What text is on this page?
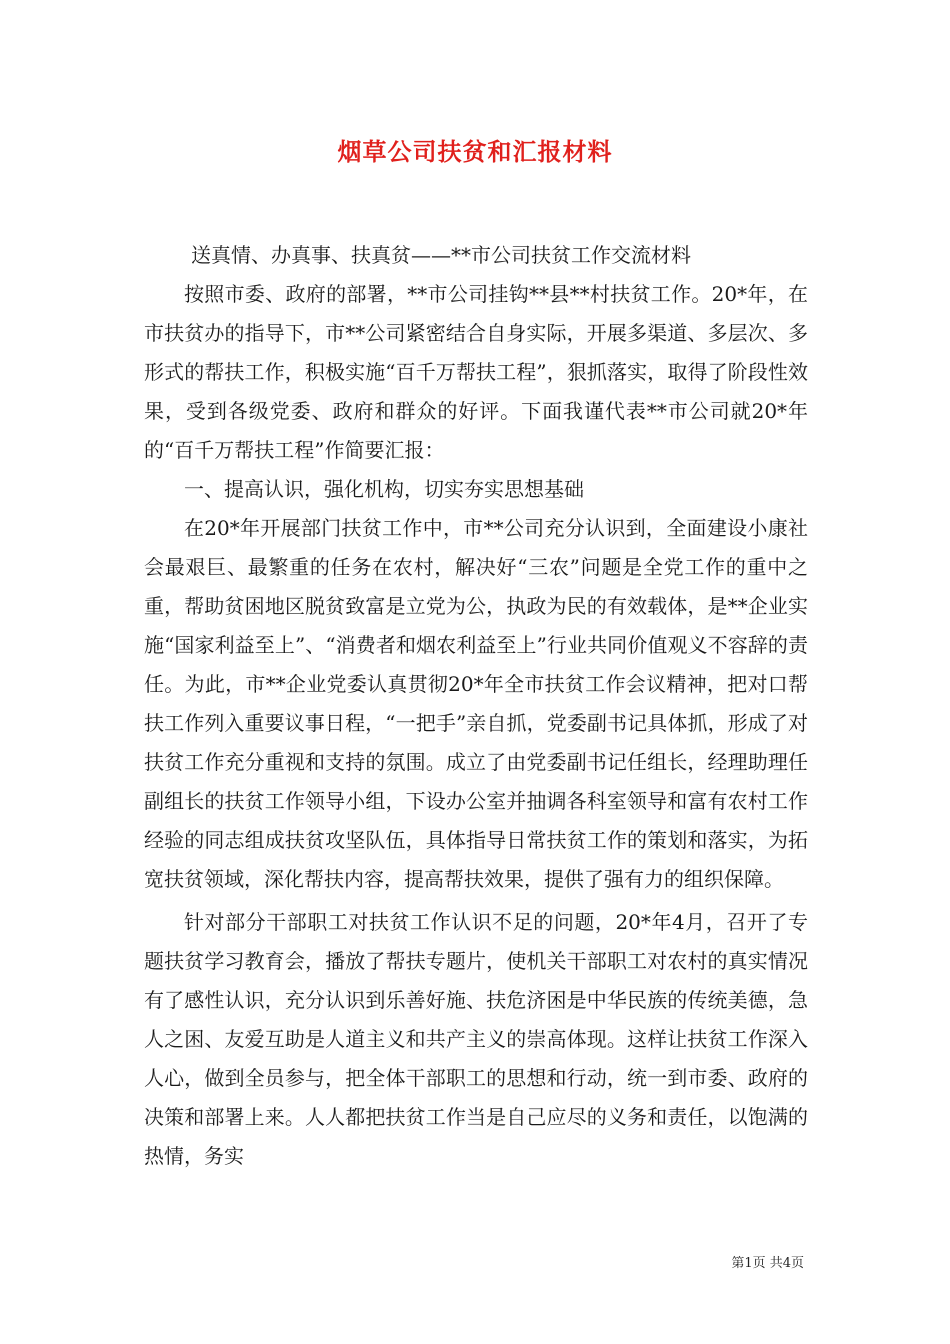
烟草公司扶贫和汇报材料

送真情、办真事、扶真贫——**市公司扶贫工作交流材料

按照市委、政府的部署，**市公司挂钩**县**村扶贫工作。20*年，在市扶贫办的指导下，市**公司紧密结合自身实际，开展多渠道、多层次、多形式的帮扶工作，积极实施“百千万帮扶工程”，狠抓落实，取得了阶段性效果，受到各级党委、政府和群众的好评。下面我谨代表**市公司就20*年的“百千万帮扶工程”作简要汇报：

一、提高认识，强化机构，切实夯实思想基础

在20*年开展部门扶贫工作中，市**公司充分认识到，全面建设小康社会最艰巨、最繁重的任务在农村，解决好“三农”问题是全党工作的重中之重，帮助贫困地区脱贫致富是立党为公，执政为民的有效载体，是**企业实施“国家利益至上”、“消费者和烟农利益至上”行业共同价值观义不容辞的责任。为此，市**企业党委认真贯彻20*年全市扶贫工作会议精神，把对口帮扶工作列入重要议事日程，“一把手”亲自抓，党委副书记具体抓，形成了对扶贫工作充分重视和支持的氛围。成立了由党委副书记任组长，经理助理任副组长的扶贫工作领导小组，下设办公室并抽调各科室领导和富有农村工作经验的同志组成扶贫攻坚队伍，具体指导日常扶贫工作的策划和落实，为拓宽扶贫领域，深化帮扶内容，提高帮扶效果，提供了强有力的组织保障。

针对部分干部职工对扶贫工作认识不足的问题，20*年4月，召开了专题扶贫学习教育会，播放了帮扶专题片，使机关干部职工对农村的真实情况有了感性认识，充分认识到乐善好施、扶危济困是中华民族的传统美德，急人之困、友爱互助是人道主义和共产主义的崇高体现。这样让扶贫工作深入人心，做到全员参与，把全体干部职工的思想和行动，统一到市委、政府的决策和部署上来。人人都把扶贫工作当是自己应尽的义务和责任，以饱满的热情，务实

第1页 共4页
